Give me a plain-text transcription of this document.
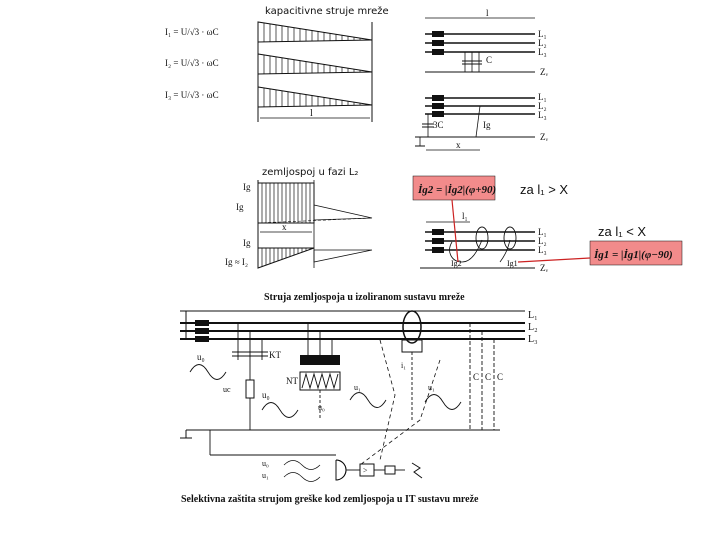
kapacitivne struje mreže
I₁ = U/√3 · ωC
I₂ = U/√3 · ωC
I₃ = U/√3 · ωC
l
l
L₁
L₂
L₃
C
Zᵥ
L₁
L₂
L₃
3C	Ig
x
Zᵥ
zemljospoj u fazi L₂
Ig
Ig
x
Ig
Ig ≈ I₂
l₁
L₁
L₂
L₃
Ig2	Ig1 Zᵥ
İg2 = |İg2|(φ+90) za l₁ > X
İg1 = |İg1|(φ−90)
za l₁ < X
Struja zemljospoja u izoliranom sustavu mreže
L₁
L₂
L₃
KT
NT
i₁
C C C
u₀
uc
u₀
u₀
u₁	u₁
u₀
u₁
>
Selektivna zaštita strujom greške kod zemljospoja u IT sustavu mreže
